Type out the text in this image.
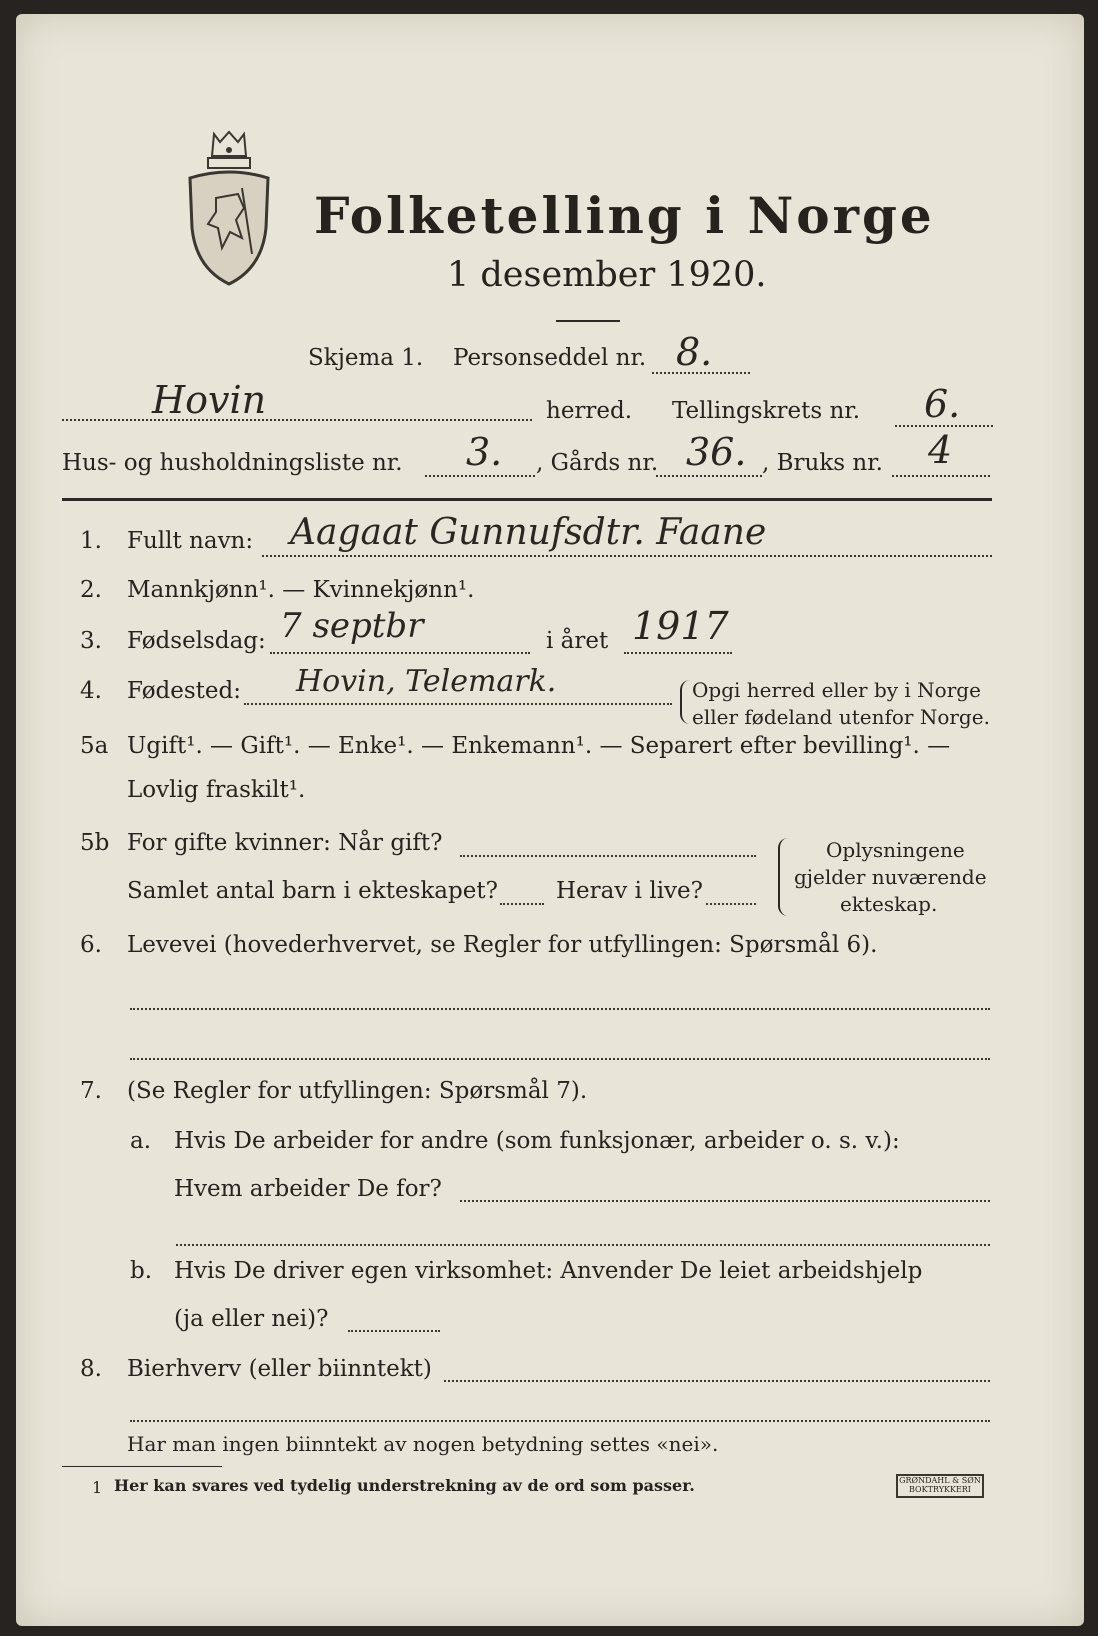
Folketelling i Norge
1 desember 1920.
Skjema 1. Personseddel nr. 8.
Hovin	herred. Tellingskrets nr. 6.
Hus- og husholdningsliste nr. 3. , Gårds nr. 36. , Bruks nr. 4
1. Fullt navn: Aagaat Gunnufsdtr. Faane
2. Mannkjønn¹. — Kvinnekjønn¹.
3. Fødselsdag: 7 septbr	i året 1917
4. Fødested: Hovin, Telemark.	Opgi herred eller by i Norge
eller fødeland utenfor Norge.
5a Ugift¹. — Gift¹. — Enke¹. — Enkemann¹. — Separert efter bevilling¹. —
Lovlig fraskilt¹.
5b For gifte kvinner: Når gift?
Samlet antal barn i ekteskapet?	Herav i live?
Oplysningene
gjelder nuværende
ekteskap.
6. Levevei (hovederhvervet, se Regler for utfyllingen: Spørsmål 6).
7. (Se Regler for utfyllingen: Spørsmål 7).
a. Hvis De arbeider for andre (som funksjonær, arbeider o. s. v.):
Hvem arbeider De for?
b. Hvis De driver egen virksomhet: Anvender De leiet arbeidshjelp
(ja eller nei)?
8. Bierhverv (eller biinntekt)
Har man ingen biinntekt av nogen betydning settes «nei».
1 Her kan svares ved tydelig understrekning av de ord som passer.	GRØNDAHL & SØN
BOKTRYKKERI
